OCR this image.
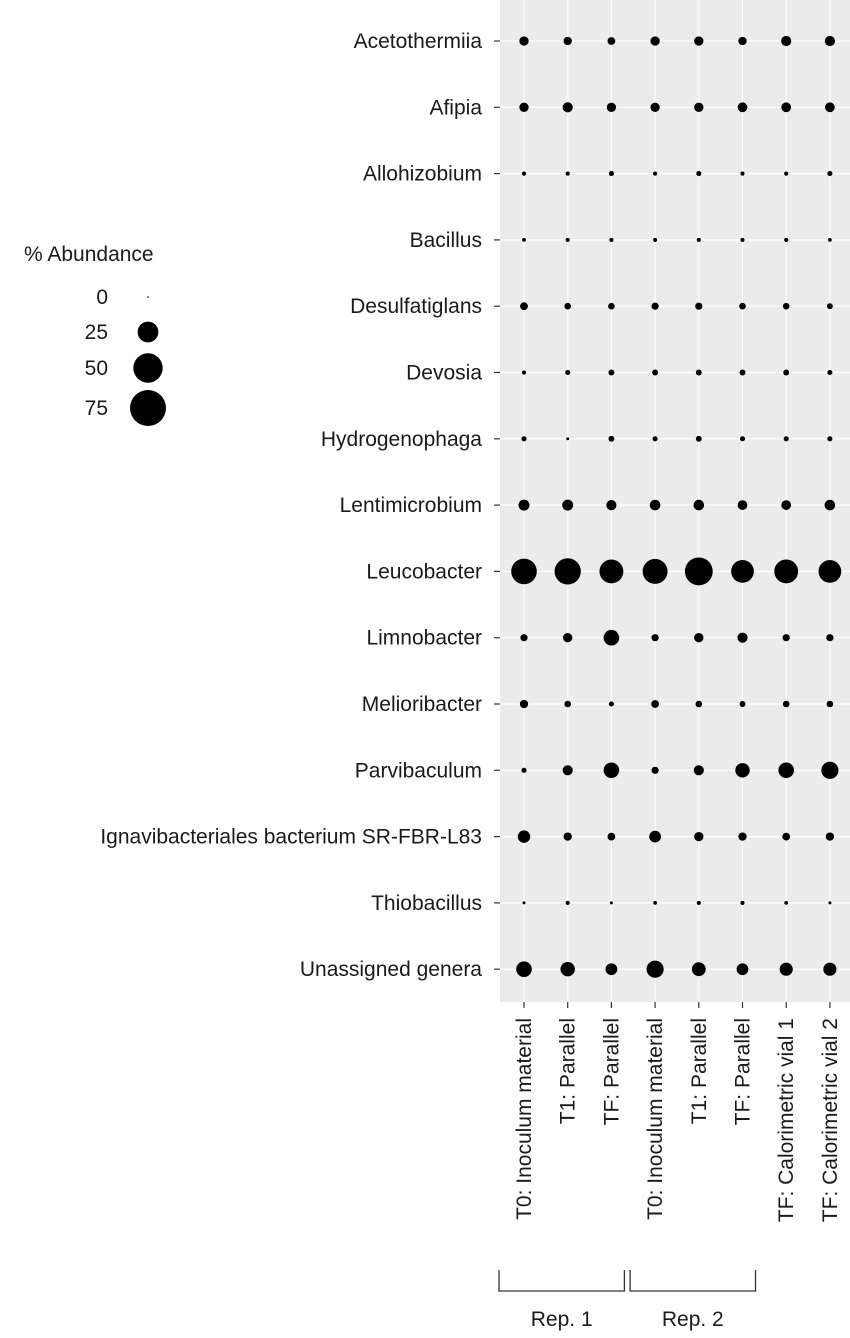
Acetothermiia
Afipia
Allohizobium
Bacillus
Desulfatiglans
Devosia
Hydrogenophaga
Lentimicrobium
Leucobacter
Limnobacter
Melioribacter
Parvibaculum
Ignavibacteriales bacterium SR-FBR-L83
Thiobacillus
Unassigned genera
T0: Inoculum material T1: Parallel TF: Parallel T0: Inoculum material T1: Parallel TF: Parallel TF: Calorimetric vial 1 TF: Calorimetric vial 2
Rep. 1	Rep. 2
% Abundance
0
25
50
75
